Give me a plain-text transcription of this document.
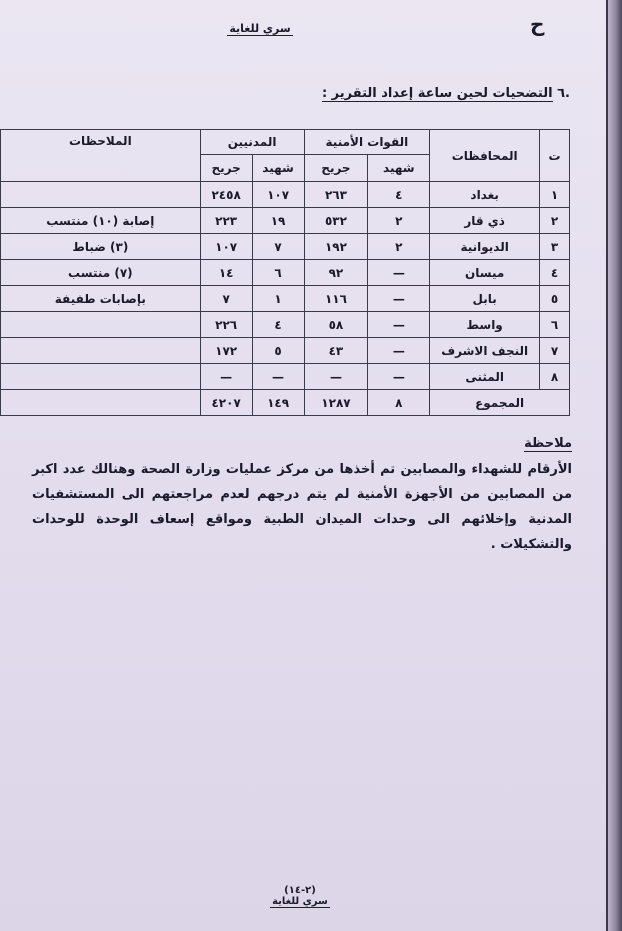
سري للغاية	ح
.٦ التضحيات لحين ساعة إعداد التقرير :
ت	المحافظات	القوات الأمنية		المدنيين		الملاحظات
		شهيد	جريح	شهيد	جريح	
١	بغداد	٤	٢٦٣	١٠٧	٢٤٥٨	
٢	ذي قار	٢	٥٣٢	١٩	٢٢٣	إصابة (١٠) منتسب
٣	الديوانية	٢	١٩٢	٧	١٠٧	(٣) ضباط
٤	ميسان	—	٩٢	٦	١٤	(٧) منتسب
٥	بابل	—	١١٦	١	٧	بإصابات طفيفة
٦	واسط	—	٥٨	٤	٢٢٦	
٧	النجف الاشرف	—	٤٣	٥	١٧٢	
٨	المثنى	—	—	—	—	
المجموع		٨	١٢٨٧	١٤٩	٤٢٠٧	
ملاحظة
الأرقام للشهداء والمصابين تم أخذها من مركز عمليات وزارة الصحة وهنالك عدد اكبر من المصابين من الأجهزة الأمنية لم يتم درجهم لعدم مراجعتهم الى المستشفيات المدنية وإخلائهم الى وحدات الميدان الطبية ومواقع إسعاف الوحدة للوحدات والتشكيلات .
(٢-١٤)
سري للغاية
